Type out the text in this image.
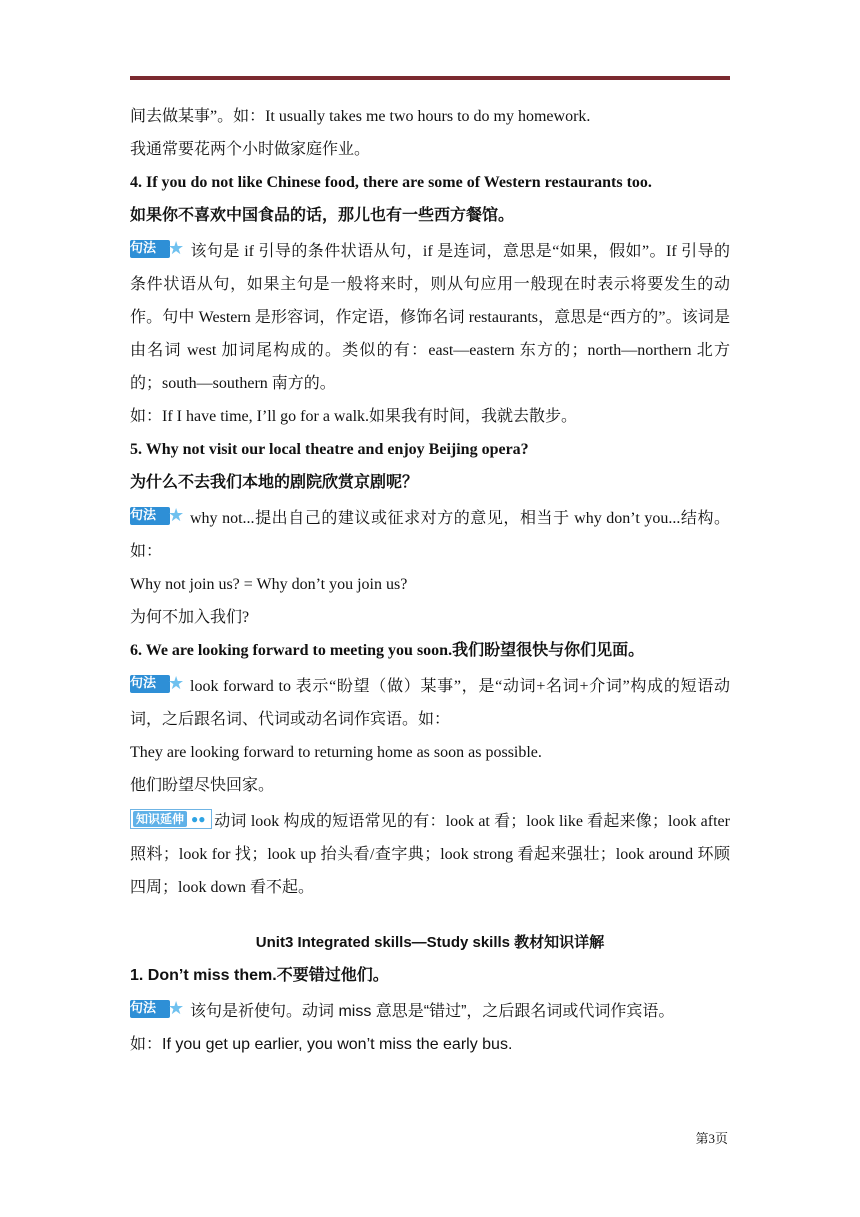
间去做某事”。如：It usually takes me two hours to do my homework.
我通常要花两个小时做家庭作业。
4. If you do not like Chinese food, there are some of Western restaurants too.
如果你不喜欢中国食品的话，那儿也有一些西方餐馆。
句法 ★ 该句是 if 引导的条件状语从句，if 是连词，意思是“如果，假如”。If 引导的条件状语从句，如果主句是一般将来时，则从句应用一般现在时表示将要发生的动作。句中 Western 是形容词，作定语，修饰名词 restaurants，意思是“西方的”。该词是由名词 west 加词尾构成的。类似的有：east—eastern 东方的；north—northern 北方的；south—southern 南方的。
如：If I have time, I’ll go for a walk.如果我有时间，我就去散步。
5. Why not visit our local theatre and enjoy Beijing opera?
为什么不去我们本地的剧院欣赏京剧呢？
句法 ★ why not...提出自己的建议或征求对方的意见，相当于 why don’t you...结构。如：
Why not join us? = Why don’t you join us?
为何不加入我们?
6. We are looking forward to meeting you soon.我们盼望很快与你们见面。
句法 ★ look forward to 表示“盼望（做）某事”，是“动词+名词+介词”构成的短语动词，之后跟名词、代词或动名词作宾语。如：
They are looking forward to returning home as soon as possible.
他们盼望尽快回家。
知识延伸 ●● 动词 look 构成的短语常见的有：look at 看；look like 看起来像；look after 照料；look for 找；look up 抬头看/查字典；look strong 看起来强壮；look around 环顾四周；look down 看不起。
Unit3 Integrated skills—Study skills 教材知识详解
1. Don’t miss them.不要错过他们。
句法 ★ 该句是祈使句。动词 miss 意思是“错过”，之后跟名词或代词作宾语。
如：If you get up earlier, you won’t miss the early bus.
第3页
